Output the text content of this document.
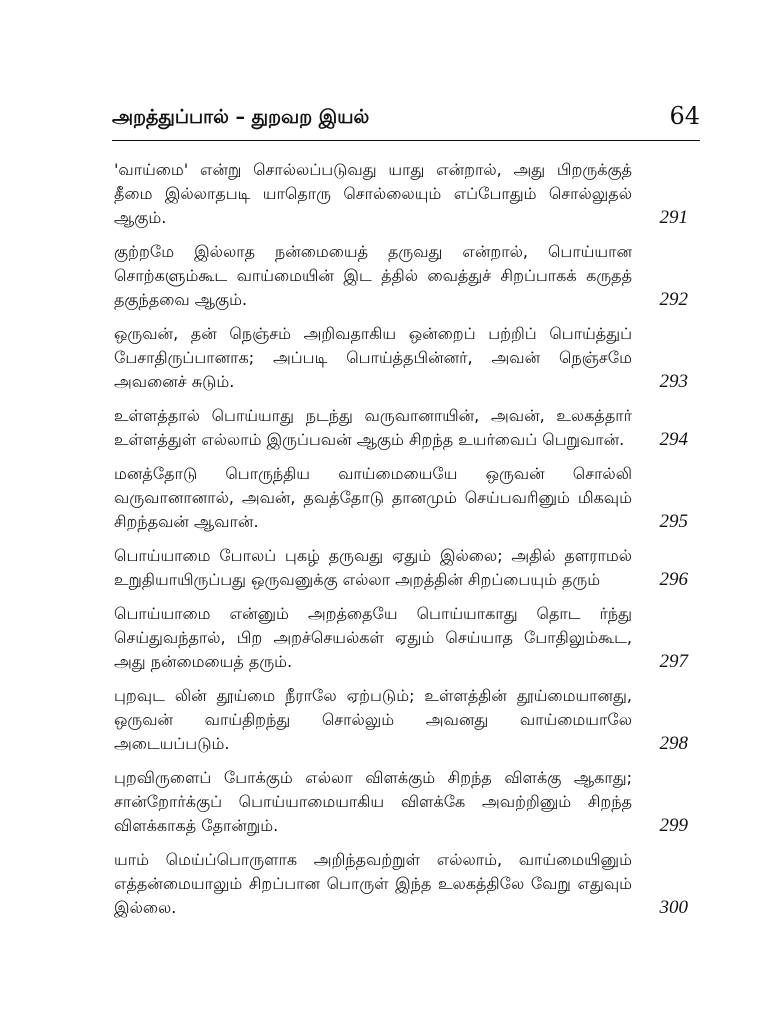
அறத்துப்பால் – துறவற இயல்	64
'வாய்மை' என்று சொல்லப்படுவது யாது என்றால், அது பிறருக்குத் தீமை இல்லாதபடி யாதொரு சொல்லையும் எப்போதும் சொல்லுதல் ஆகும்.	291
குற்றமே இல்லாத நன்மையைத் தருவது என்றால், பொய்யான சொற்களும்கூட வாய்மையின் இட த்தில் வைத்துச் சிறப்பாகக் கருதத் தகுந்தவை ஆகும்.	292
ஒருவன், தன் நெஞ்சம் அறிவதாகிய ஒன்றைப் பற்றிப் பொய்த்துப் பேசாதிருப்பானாக; அப்படி பொய்த்தபின்னர், அவன் நெஞ்சமே அவனைச் சுடும்.	293
உள்ளத்தால் பொய்யாது நடந்து வருவானாயின், அவன், உலகத்தார் உள்ளத்துள் எல்லாம் இருப்பவன் ஆகும் சிறந்த உயர்வைப் பெறுவான்.	294
மனத்தோடு பொருந்திய வாய்மையையே ஒருவன் சொல்லி வருவானானால், அவன், தவத்தோடு தானமும் செய்பவரினும் மிகவும் சிறந்தவன் ஆவான்.	295
பொய்யாமை போலப் புகழ் தருவது ஏதும் இல்லை; அதில் தளராமல் உறுதியாயிருப்பது ஒருவனுக்கு எல்லா அறத்தின் சிறப்பையும் தரும்	296
பொய்யாமை என்னும் அறத்தையே பொய்யாகாது தொட ர்ந்து செய்துவந்தால், பிற அறச்செயல்கள் ஏதும் செய்யாத போதிலும்கூட, அது நன்மையைத் தரும்.	297
புறவுட லின் தூய்மை நீராலே ஏற்படும்; உள்ளத்தின் தூய்மையானது, ஒருவன் வாய்திறந்து சொல்லும் அவனது வாய்மையாலே அடையப்படும்.	298
புறவிருளைப் போக்கும் எல்லா விளக்கும் சிறந்த விளக்கு ஆகாது; சான்றோர்க்குப் பொய்யாமையாகிய விளக்கே அவற்றினும் சிறந்த விளக்காகத் தோன்றும்.	299
யாம் மெய்ப்பொருளாக அறிந்தவற்றுள் எல்லாம், வாய்மையினும் எத்தன்மையாலும் சிறப்பான பொருள் இந்த உலகத்திலே வேறு எதுவும் இல்லை.	300
